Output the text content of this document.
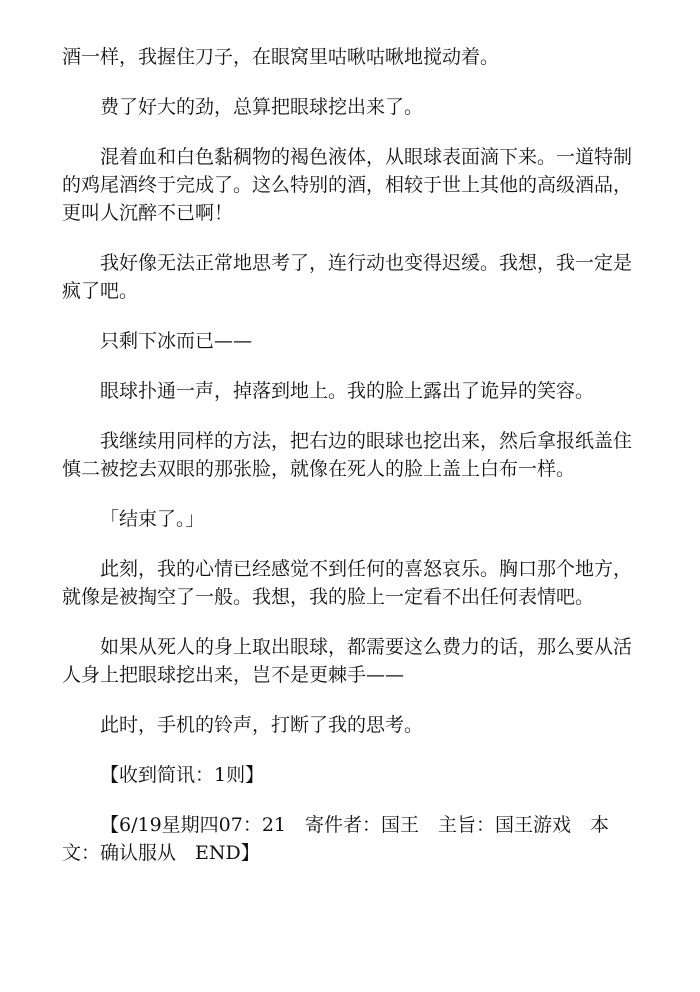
酒一样，我握住刀子，在眼窝里咕啾咕啾地搅动着。

费了好大的劲，总算把眼球挖出来了。

混着血和白色黏稠物的褐色液体，从眼球表面滴下来。一道特制的鸡尾酒终于完成了。这么特别的酒，相较于世上其他的高级酒品，更叫人沉醉不已啊！

我好像无法正常地思考了，连行动也变得迟缓。我想，我一定是疯了吧。

只剩下冰而已——

眼球扑通一声，掉落到地上。我的脸上露出了诡异的笑容。

我继续用同样的方法，把右边的眼球也挖出来，然后拿报纸盖住慎二被挖去双眼的那张脸，就像在死人的脸上盖上白布一样。

「结束了。」

此刻，我的心情已经感觉不到任何的喜怒哀乐。胸口那个地方，就像是被掏空了一般。我想，我的脸上一定看不出任何表情吧。

如果从死人的身上取出眼球，都需要这么费力的话，那么要从活人身上把眼球挖出来，岂不是更棘手——

此时，手机的铃声，打断了我的思考。

【收到简讯：1则】

【6/19星期四07：21　寄件者：国王　主旨：国王游戏　本文：确认服从　END】
